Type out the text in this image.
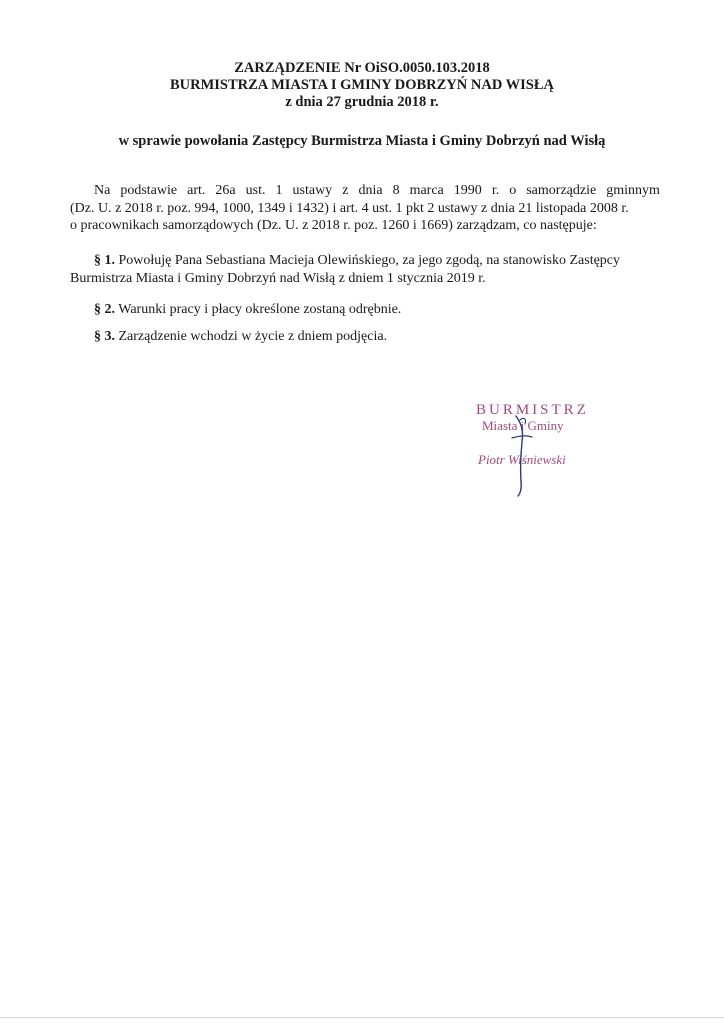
ZARZĄDZENIE Nr OiSO.0050.103.2018
BURMISTRZA MIASTA I GMINY DOBRZYŃ NAD WISŁĄ
z dnia 27 grudnia 2018 r.
w sprawie powołania Zastępcy Burmistrza Miasta i Gminy Dobrzyń nad Wisłą
Na podstawie art. 26a ust. 1 ustawy z dnia 8 marca 1990 r. o samorządzie gminnym
(Dz. U. z 2018 r. poz. 994, 1000, 1349 i 1432) i art. 4 ust. 1 pkt 2 ustawy z dnia 21 listopada 2008 r.
o pracownikach samorządowych (Dz. U. z 2018 r. poz. 1260 i 1669) zarządzam, co następuje:
§ 1. Powołuję Pana Sebastiana Macieja Olewińskiego, za jego zgodą, na stanowisko Zastępcy
Burmistrza Miasta i Gminy Dobrzyń nad Wisłą z dniem 1 stycznia 2019 r.
§ 2. Warunki pracy i płacy określone zostaną odrębnie.
§ 3. Zarządzenie wchodzi w życie z dniem podjęcia.
BURMISTRZ
Miasta i Gminy
Piotr Wiśniewski
